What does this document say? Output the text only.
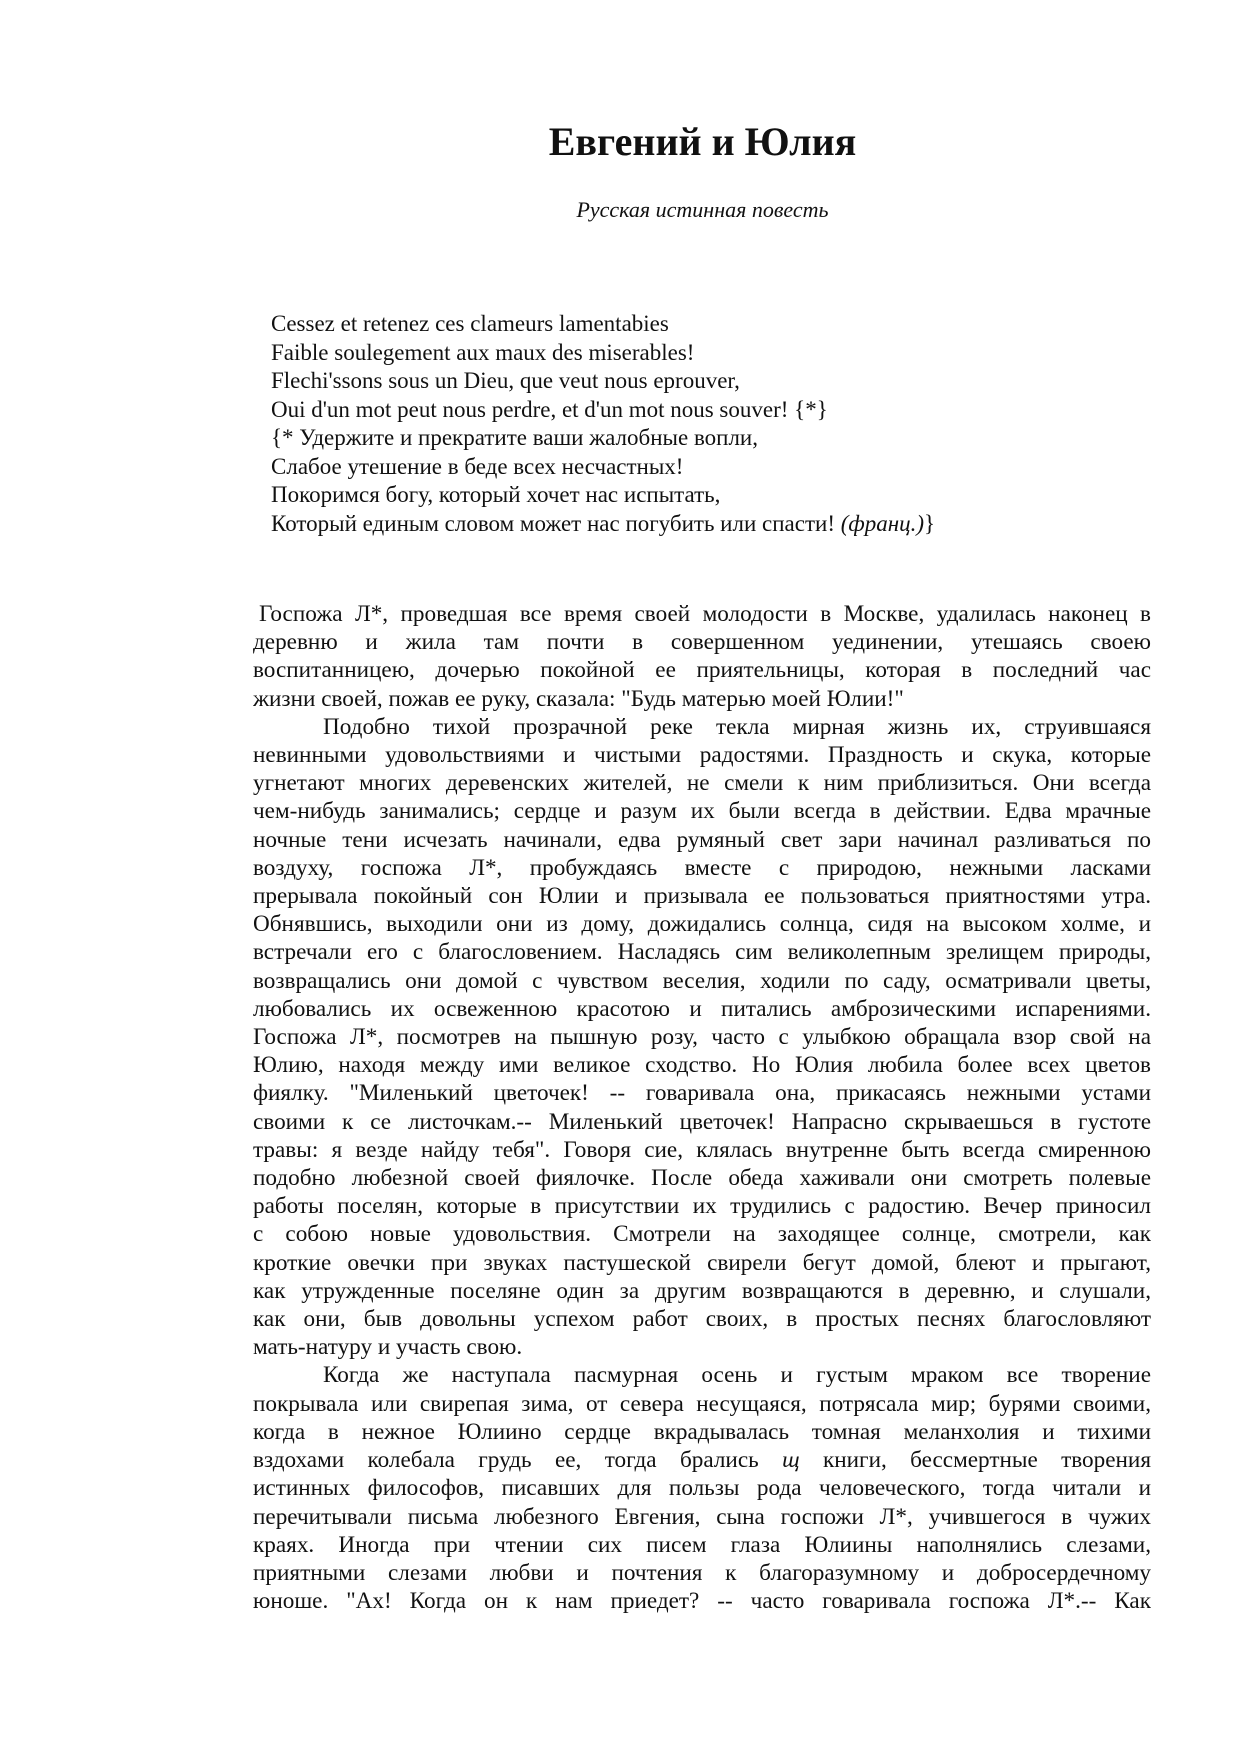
Евгений и Юлия
Русская истинная повесть
Cessez et retenez ces clameurs lamentabies
Faible soulegement aux maux des miserables!
Flechi'ssons sous un Dieu, que veut nous eprouver,
Oui d'un mot peut nous perdre, et d'un mot nous souver! {*}
{* Удержите и прекратите ваши жалобные вопли,
Слабое утешение в беде всех несчастных!
Покоримся богу, который хочет нас испытать,
Который единым словом может нас погубить или спасти! (франц.)}
Госпожа Л*, проведшая все время своей молодости в Москве, удалилась наконец в
деревню и жила там почти в совершенном уединении, утешаясь своею
воспитанницею, дочерью покойной ее приятельницы, которая в последний час
жизни своей, пожав ее руку, сказала: "Будь матерью моей Юлии!"
Подобно тихой прозрачной реке текла мирная жизнь их, струившаяся
невинными удовольствиями и чистыми радостями. Праздность и скука, которые
угнетают многих деревенских жителей, не смели к ним приблизиться. Они всегда
чем-нибудь занимались; сердце и разум их были всегда в действии. Едва мрачные
ночные тени исчезать начинали, едва румяный свет зари начинал разливаться по
воздуху, госпожа Л*, пробуждаясь вместе с природою, нежными ласками
прерывала покойный сон Юлии и призывала ее пользоваться приятностями утра.
Обнявшись, выходили они из дому, дожидались солнца, сидя на высоком холме, и
встречали его с благословением. Насладясь сим великолепным зрелищем природы,
возвращались они домой с чувством веселия, ходили по саду, осматривали цветы,
любовались их освеженною красотою и питались амброзическими испарениями.
Госпожа Л*, посмотрев на пышную розу, часто с улыбкою обращала взор свой на
Юлию, находя между ими великое сходство. Но Юлия любила более всех цветов
фиялку. "Миленький цветочек! -- говаривала она, прикасаясь нежными устами
своими к се листочкам.-- Миленький цветочек! Напрасно скрываешься в густоте
травы: я везде найду тебя". Говоря сие, клялась внутренне быть всегда смиренною
подобно любезной своей фиялочке. После обеда хаживали они смотреть полевые
работы поселян, которые в присутствии их трудились с радостию. Вечер приносил
с собою новые удовольствия. Смотрели на заходящее солнце, смотрели, как
кроткие овечки при звуках пастушеской свирели бегут домой, блеют и прыгают,
как утружденные поселяне один за другим возвращаются в деревню, и слушали,
как они, быв довольны успехом работ своих, в простых песнях благословляют
мать-натуру и участь свою.
Когда же наступала пасмурная осень и густым мраком все творение
покрывала или свирепая зима, от севера несущаяся, потрясала мир; бурями своими,
когда в нежное Юлиино сердце вкрадывалась томная меланхолия и тихими
вздохами колебала грудь ее, тогда брались щ книги, бессмертные творения
истинных философов, писавших для пользы рода человеческого, тогда читали и
перечитывали письма любезного Евгения, сына госпожи Л*, учившегося в чужих
краях. Иногда при чтении сих писем глаза Юлиины наполнялись слезами,
приятными слезами любви и почтения к благоразумному и добросердечному
юноше. "Ах! Когда он к нам приедет? -- часто говаривала госпожа Л*.-- Как
